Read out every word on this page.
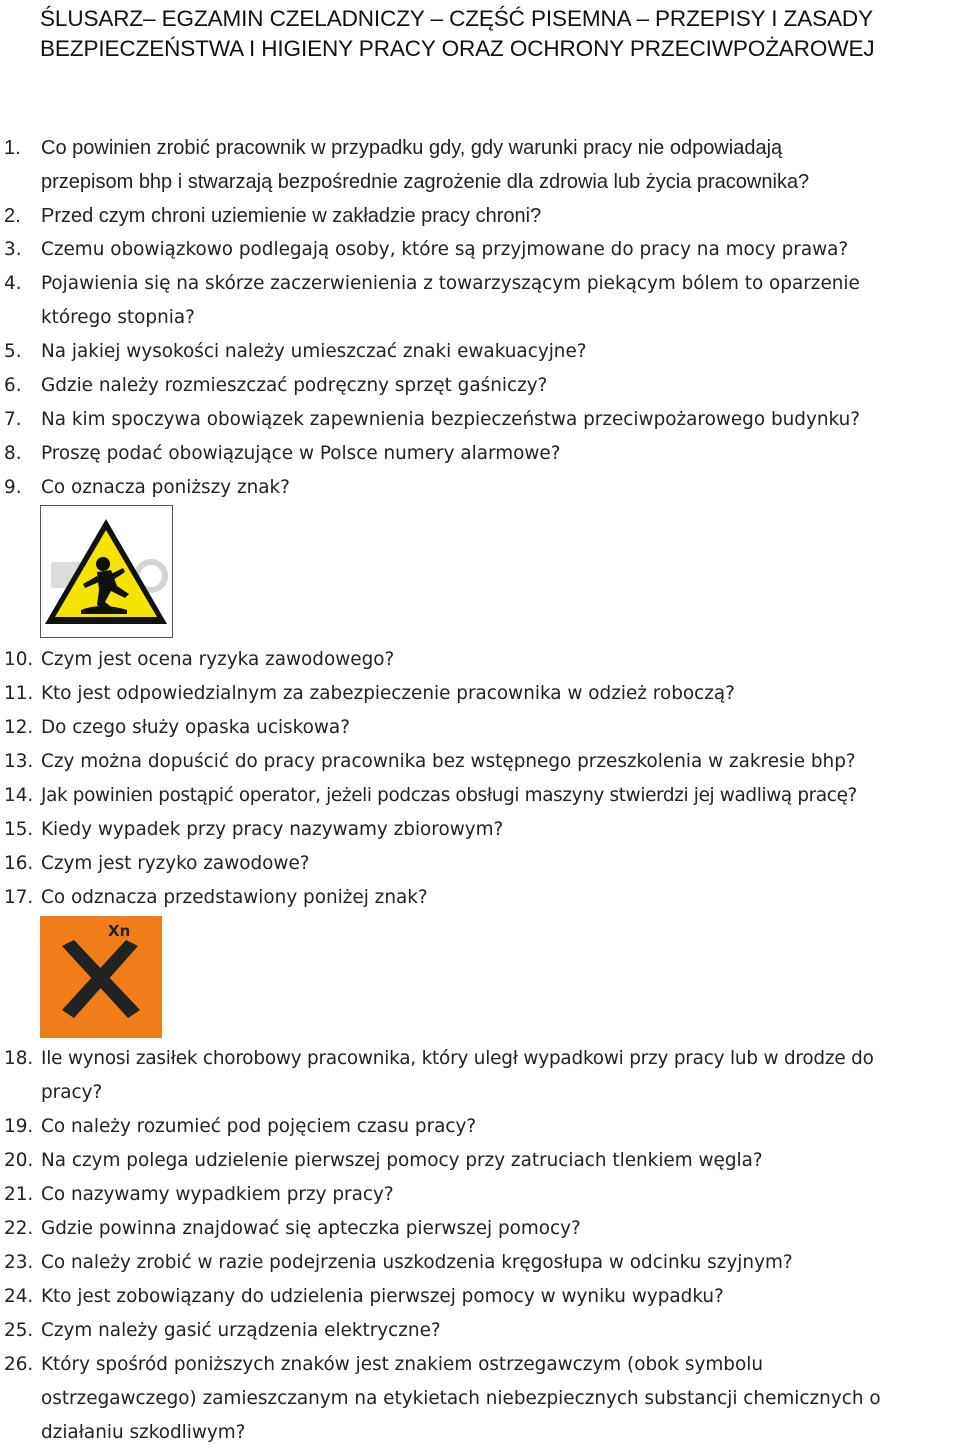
ŚLUSARZ– EGZAMIN CZELADNICZY – CZĘŚĆ PISEMNA – PRZEPISY I ZASADY
BEZPIECZEŃSTWA I HIGIENY PRACY ORAZ OCHRONY PRZECIWPOŻAROWEJ
1.	Co powinien zrobić pracownik w przypadku gdy, gdy warunki pracy nie odpowiadają
przepisom bhp i stwarzają bezpośrednie zagrożenie dla zdrowia lub życia pracownika?
2.	Przed czym chroni uziemienie w zakładzie pracy chroni?
3.	Czemu obowiązkowo podlegają osoby, które są przyjmowane do pracy na mocy prawa?
4.	Pojawienia się na skórze zaczerwienienia z towarzyszącym piekącym bólem to oparzenie
którego stopnia?
5.	Na jakiej wysokości należy umieszczać znaki ewakuacyjne?
6.	Gdzie należy rozmieszczać podręczny sprzęt gaśniczy?
7.	Na kim spoczywa obowiązek zapewnienia bezpieczeństwa przeciwpożarowego budynku?
8.	Proszę podać obowiązujące w Polsce numery alarmowe?
9.	Co oznacza poniższy znak?
10. Czym jest ocena ryzyka zawodowego?
11. Kto jest odpowiedzialnym za zabezpieczenie pracownika w odzież roboczą?
12. Do czego służy opaska uciskowa?
13. Czy można dopuścić do pracy pracownika bez wstępnego przeszkolenia w zakresie bhp?
14. Jak powinien postąpić operator, jeżeli podczas obsługi maszyny stwierdzi jej wadliwą pracę?
15. Kiedy wypadek przy pracy nazywamy zbiorowym?
16. Czym jest ryzyko zawodowe?
17. Co odznacza przedstawiony poniżej znak?
Xn
18. Ile wynosi zasiłek chorobowy pracownika, który uległ wypadkowi przy pracy lub w drodze do
pracy?
19. Co należy rozumieć pod pojęciem czasu pracy?
20. Na czym polega udzielenie pierwszej pomocy przy zatruciach tlenkiem węgla?
21. Co nazywamy wypadkiem przy pracy?
22. Gdzie powinna znajdować się apteczka pierwszej pomocy?
23. Co należy zrobić w razie podejrzenia uszkodzenia kręgosłupa w odcinku szyjnym?
24. Kto jest zobowiązany do udzielenia pierwszej pomocy w wyniku wypadku?
25. Czym należy gasić urządzenia elektryczne?
26. Który spośród poniższych znaków jest znakiem ostrzegawczym (obok symbolu
ostrzegawczego) zamieszczanym na etykietach niebezpiecznych substancji chemicznych o
działaniu szkodliwym?
